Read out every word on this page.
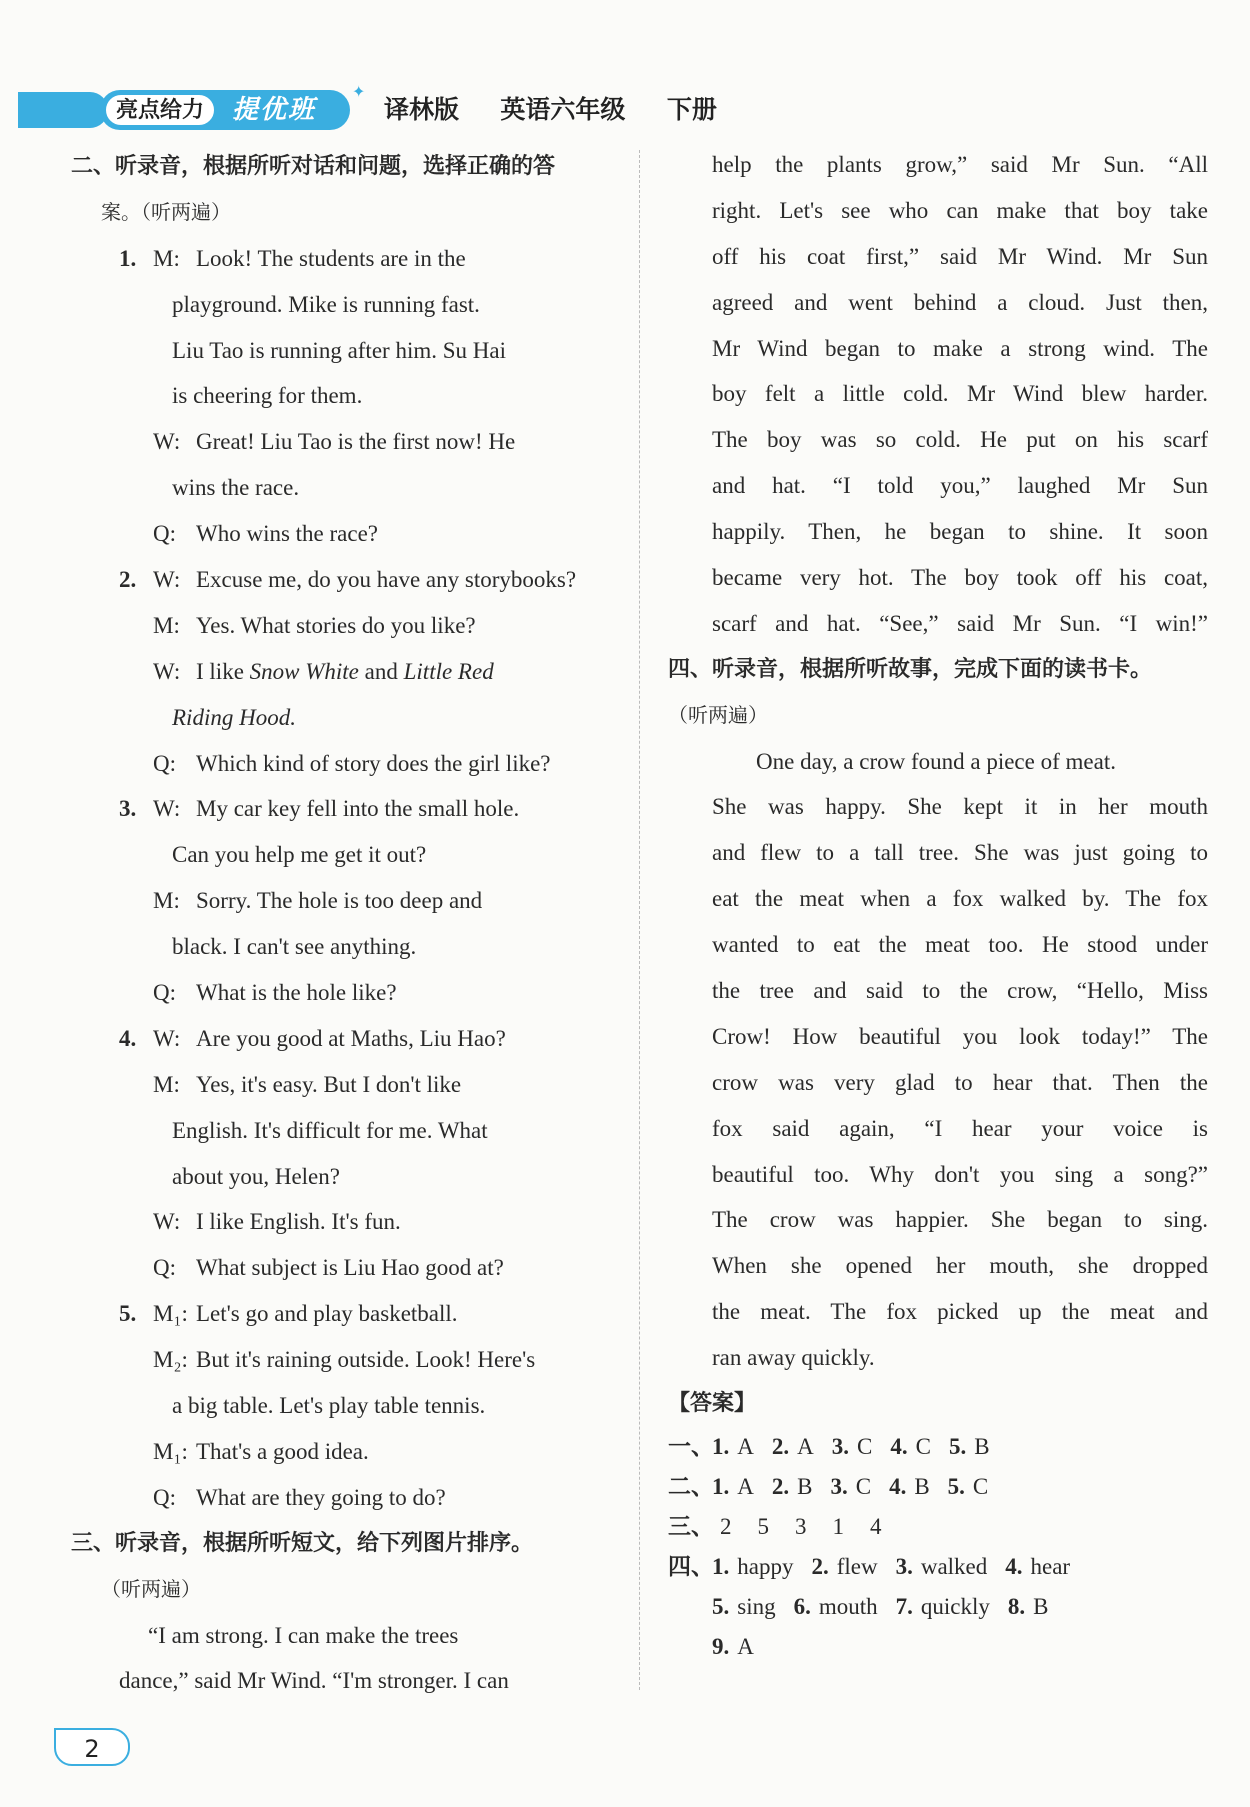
亮点给力	提优班
✦
译林版  英语六年级  下册
二、听录音，根据所听对话和问题，选择正确的答
案。（听两遍）
1. M: Look! The students are in the
playground. Mike is running fast.
Liu Tao is running after him. Su Hai
is cheering for them.
W: Great! Liu Tao is the first now! He
wins the race.
Q: Who wins the race?
2. W: Excuse me, do you have any storybooks?
M: Yes. What stories do you like?
W: I like Snow White and Little Red
Riding Hood.
Q: Which kind of story does the girl like?
3. W: My car key fell into the small hole.
Can you help me get it out?
M: Sorry. The hole is too deep and
black. I can't see anything.
Q: What is the hole like?
4. W: Are you good at Maths, Liu Hao?
M: Yes, it's easy. But I don't like
English. It's difficult for me. What
about you, Helen?
W: I like English. It's fun.
Q: What subject is Liu Hao good at?
5. M₁: Let's go and play basketball.
M₂: But it's raining outside. Look! Here's
a big table. Let's play table tennis.
M₁: That's a good idea.
Q: What are they going to do?
三、听录音，根据所听短文，给下列图片排序。
（听两遍）
“I am strong. I can make the trees
dance,” said Mr Wind. “I'm stronger. I can
help the plants grow,” said Mr Sun. “All
right. Let's see who can make that boy take
off his coat first,” said Mr Wind. Mr Sun
agreed and went behind a cloud. Just then,
Mr Wind began to make a strong wind. The
boy felt a little cold. Mr Wind blew harder.
The boy was so cold. He put on his scarf
and hat. “I told you,” laughed Mr Sun
happily. Then, he began to shine. It soon
became very hot. The boy took off his coat,
scarf and hat. “See,” said Mr Sun. “I win!”
四、听录音，根据所听故事，完成下面的读书卡。
（听两遍）
One day, a crow found a piece of meat.
She was happy. She kept it in her mouth
and flew to a tall tree. She was just going to
eat the meat when a fox walked by. The fox
wanted to eat the meat too. He stood under
the tree and said to the crow, “Hello, Miss
Crow! How beautiful you look today!” The
crow was very glad to hear that. Then the
fox said again, “I hear your voice is
beautiful too. Why don't you sing a song?”
The crow was happier. She began to sing.
When she opened her mouth, she dropped
the meat. The fox picked up the meat and
ran away quickly.
【答案】
一、1. A 2. A 3. C 4. C 5. B
二、1. A 2. B 3. C 4. B 5. C
三、 2 5 3 1 4
四、1. happy 2. flew 3. walked 4. hear
5. sing 6. mouth 7. quickly 8. B
9. A
2
